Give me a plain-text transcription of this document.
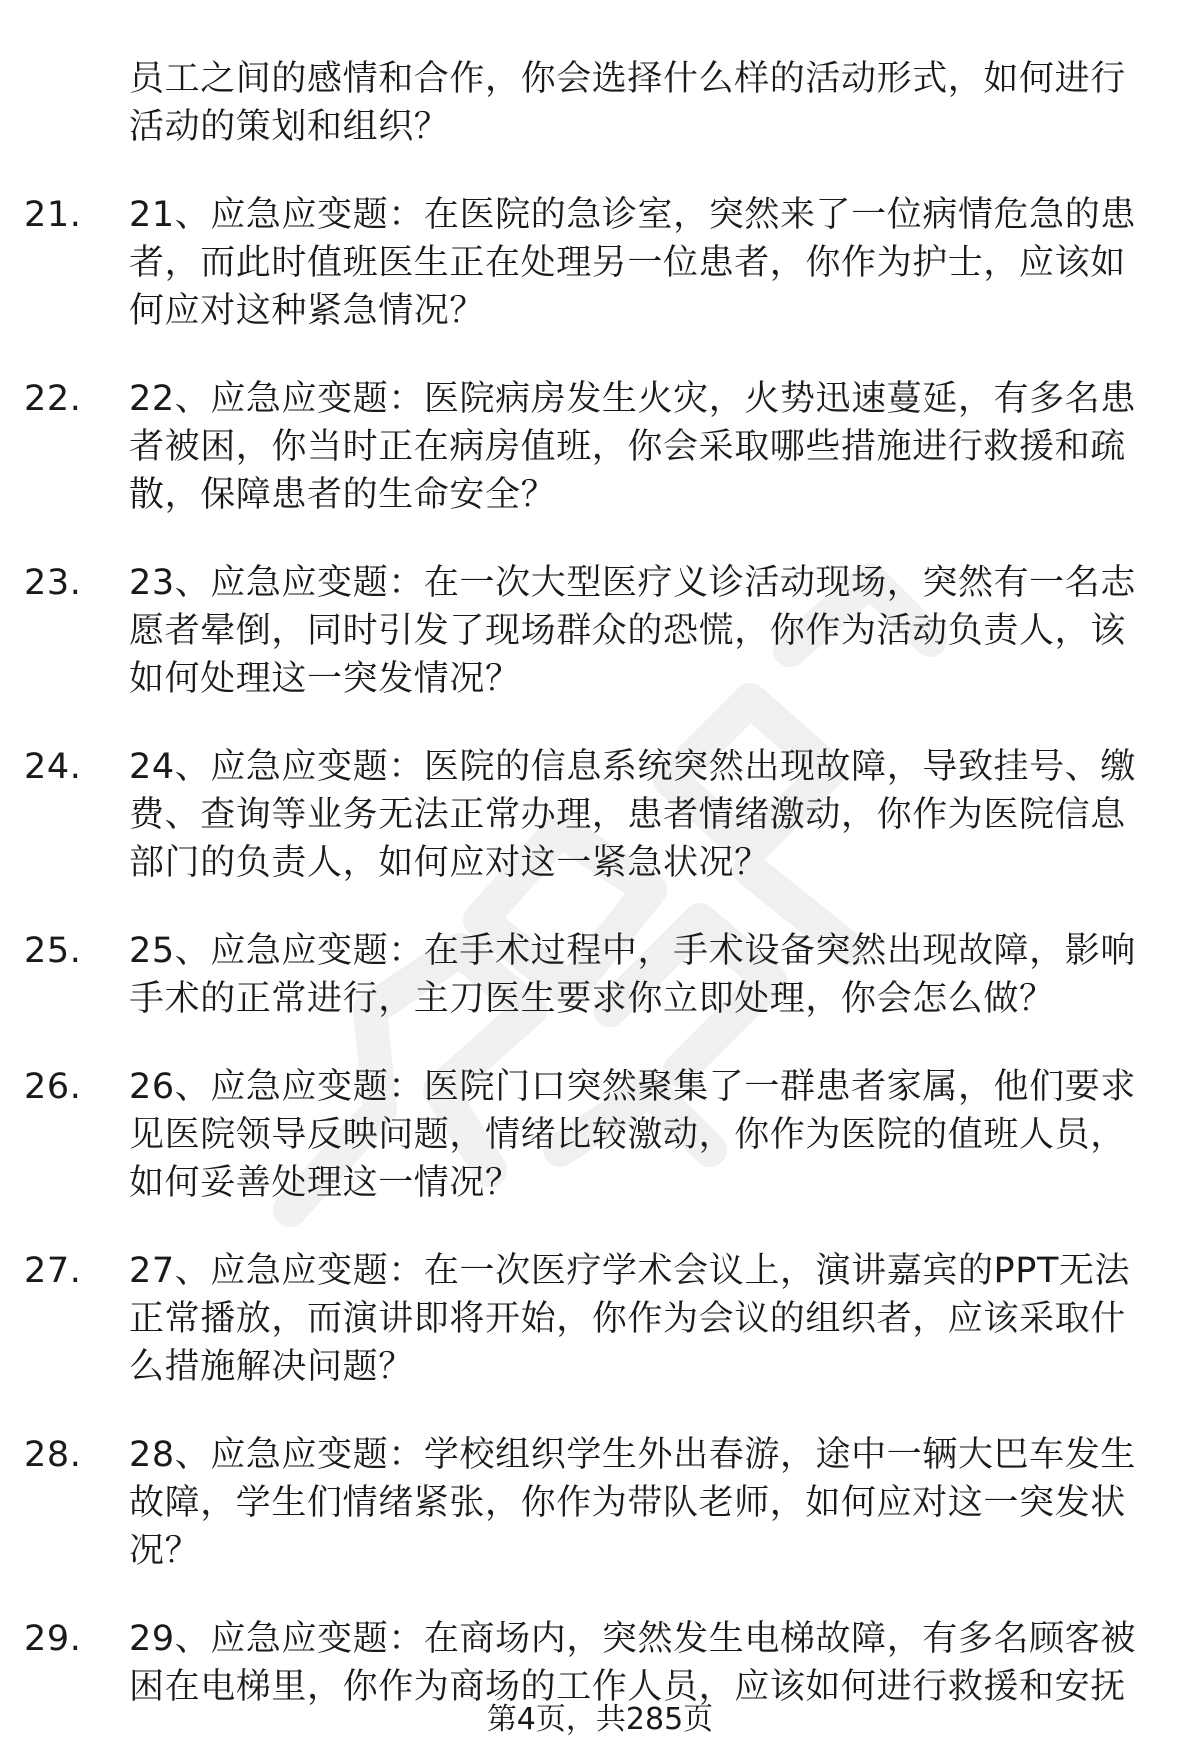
员工之间的感情和合作，你会选择什么样的活动形式，如何进行活动的策划和组织？
21.	21、应急应变题：在医院的急诊室，突然来了一位病情危急的患者，而此时值班医生正在处理另一位患者，你作为护士，应该如何应对这种紧急情况？
22.	22、应急应变题：医院病房发生火灾，火势迅速蔓延，有多名患者被困，你当时正在病房值班，你会采取哪些措施进行救援和疏散，保障患者的生命安全？
23.	23、应急应变题：在一次大型医疗义诊活动现场，突然有一名志愿者晕倒，同时引发了现场群众的恐慌，你作为活动负责人，该如何处理这一突发情况？
24.	24、应急应变题：医院的信息系统突然出现故障，导致挂号、缴费、查询等业务无法正常办理，患者情绪激动，你作为医院信息部门的负责人，如何应对这一紧急状况？
25.	25、应急应变题：在手术过程中，手术设备突然出现故障，影响手术的正常进行，主刀医生要求你立即处理，你会怎么做？
26.	26、应急应变题：医院门口突然聚集了一群患者家属，他们要求见医院领导反映问题，情绪比较激动，你作为医院的值班人员，如何妥善处理这一情况？
27.	27、应急应变题：在一次医疗学术会议上，演讲嘉宾的PPT无法正常播放，而演讲即将开始，你作为会议的组织者，应该采取什么措施解决问题？
28.	28、应急应变题：学校组织学生外出春游，途中一辆大巴车发生故障，学生们情绪紧张，你作为带队老师，如何应对这一突发状况？
29.	29、应急应变题：在商场内，突然发生电梯故障，有多名顾客被困在电梯里，你作为商场的工作人员，应该如何进行救援和安抚
第4页，共285页
